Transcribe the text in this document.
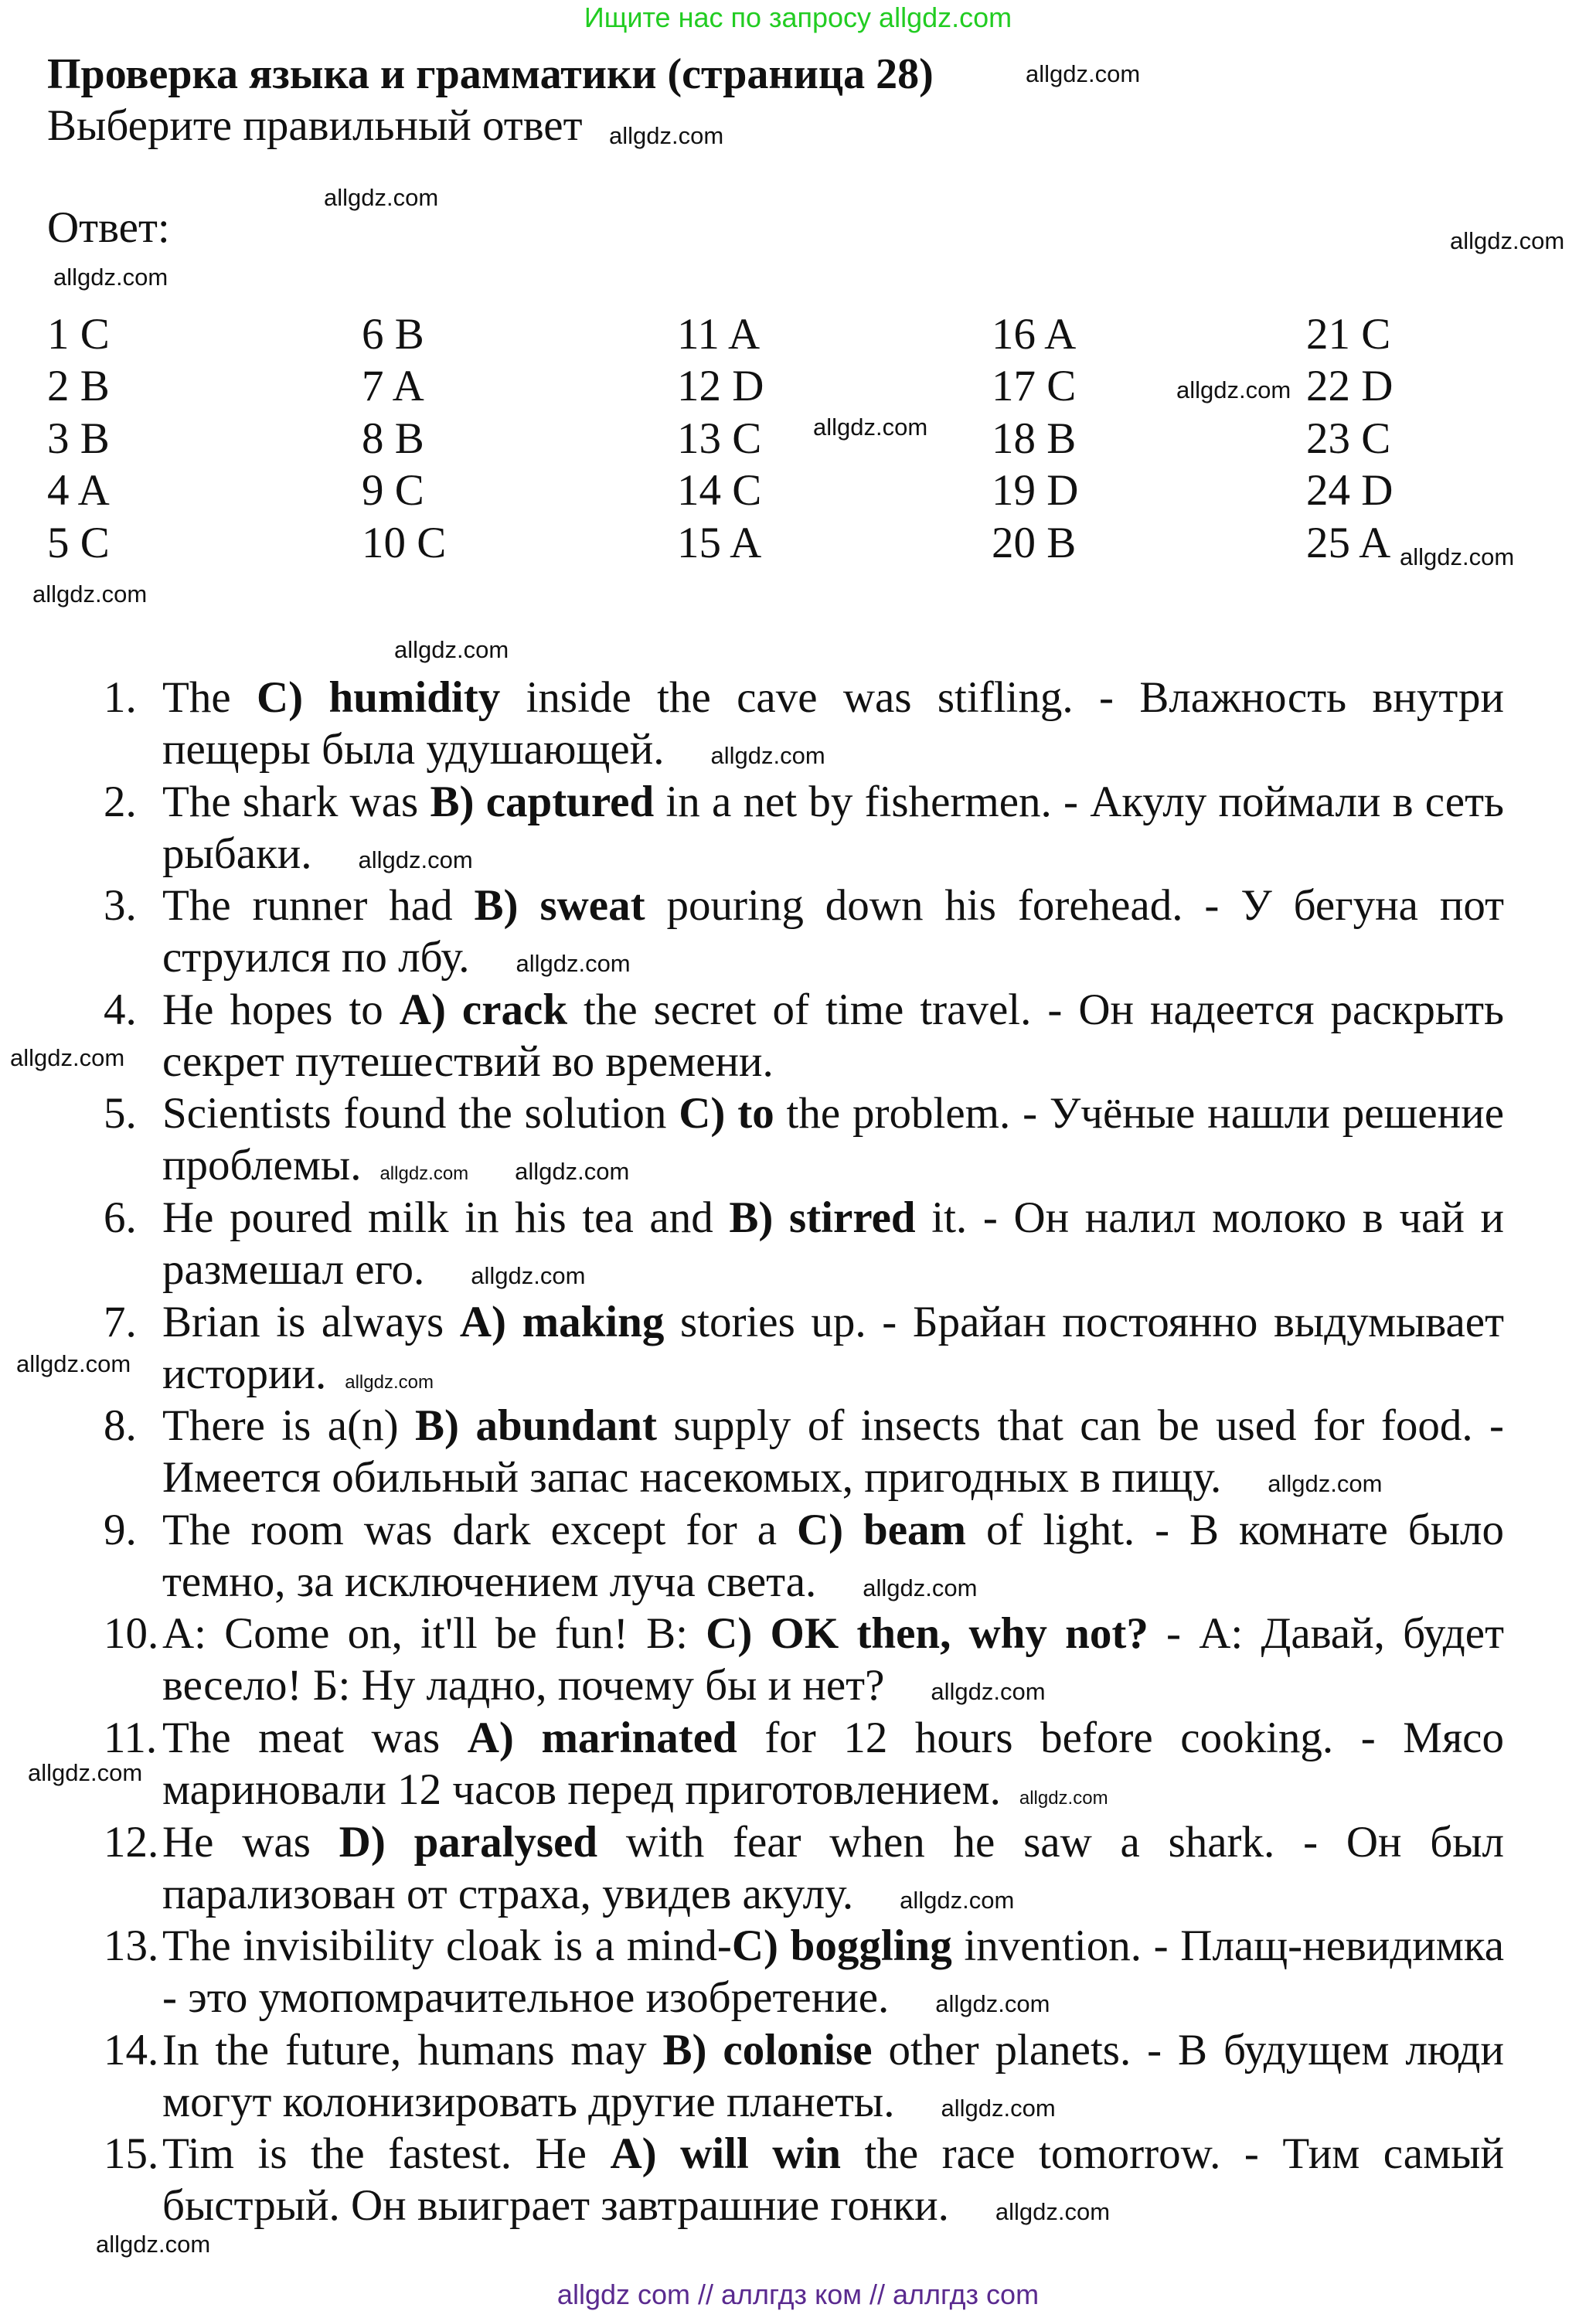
Ищите нас по запросу allgdz.com
Проверка языка и грамматики (страница 28)
Выберите правильный ответ
Ответ:
1 C
2 B
3 B
4 A
5 C
6 B
7 A
8 B
9 C
10 C
11 A
12 D
13 C
14 C
15 A
16 A
17 C
18 B
19 D
20 B
21 C
22 D
23 C
24 D
25 A
1. The C) humidity inside the cave was stifling. - Влажность внутри пещеры была удушающей. allgdz.com
2. The shark was B) captured in a net by fishermen. - Акулу поймали в сеть рыбаки. allgdz.com
3. The runner had B) sweat pouring down his forehead. - У бегуна пот струился по лбу. allgdz.com
4. He hopes to A) crack the secret of time travel. - Он надеется раскрыть секрет путешествий во времени.
5. Scientists found the solution C) to the problem. - Учёные нашли решение проблемы. allgdz.com allgdz.com
6. He poured milk in his tea and B) stirred it. - Он налил молоко в чай и размешал его. allgdz.com
7. Brian is always A) making stories up. - Брайан постоянно выдумывает истории. allgdz.com
8. There is a(n) B) abundant supply of insects that can be used for food. - Имеется обильный запас насекомых, пригодных в пищу. allgdz.com
9. The room was dark except for a C) beam of light. - В комнате было темно, за исключением луча света. allgdz.com
10. A: Come on, it'll be fun! B: C) OK then, why not? - А: Давай, будет весело! Б: Ну ладно, почему бы и нет? allgdz.com
11. The meat was A) marinated for 12 hours before cooking. - Мясо мариновали 12 часов перед приготовлением. allgdz.com
12. He was D) paralysed with fear when he saw a shark. - Он был парализован от страха, увидев акулу. allgdz.com
13. The invisibility cloak is a mind-C) boggling invention. - Плащ-невидимка - это умопомрачительное изобретение. allgdz.com
14. In the future, humans may B) colonise other planets. - В будущем люди могут колонизировать другие планеты. allgdz.com
15. Tim is the fastest. He A) will win the race tomorrow. - Тим самый быстрый. Он выиграет завтрашние гонки. allgdz.com
allgdz.com
allgdz.com
allgdz.com
allgdz.com
allgdz.com
allgdz.com
allgdz.com
allgdz.com
allgdz.com
allgdz.com
allgdz.com
allgdz.com
allgdz.com
allgdz.com
allgdz com // аллгдз ком // аллгдз com
